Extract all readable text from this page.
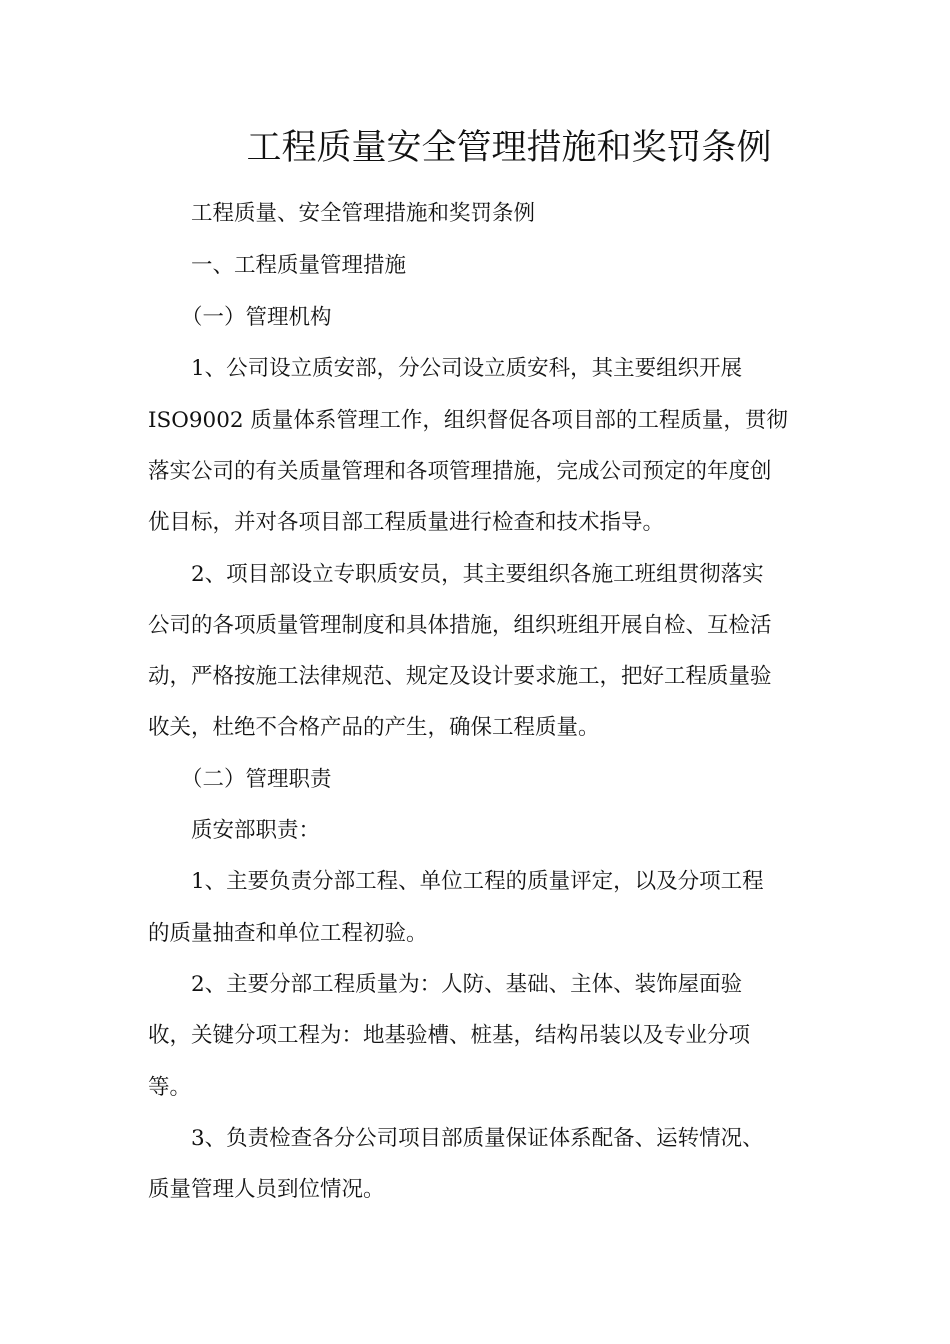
工程质量安全管理措施和奖罚条例
工程质量、安全管理措施和奖罚条例
一、工程质量管理措施
（一）管理机构
1、公司设立质安部，分公司设立质安科，其主要组织开展
ISO9002 质量体系管理工作，组织督促各项目部的工程质量，贯彻
落实公司的有关质量管理和各项管理措施，完成公司预定的年度创
优目标，并对各项目部工程质量进行检查和技术指导。
2、项目部设立专职质安员，其主要组织各施工班组贯彻落实
公司的各项质量管理制度和具体措施，组织班组开展自检、互检活
动，严格按施工法律规范、规定及设计要求施工，把好工程质量验
收关，杜绝不合格产品的产生，确保工程质量。
（二）管理职责
质安部职责：
1、主要负责分部工程、单位工程的质量评定，以及分项工程
的质量抽查和单位工程初验。
2、主要分部工程质量为：人防、基础、主体、装饰屋面验
收，关键分项工程为：地基验槽、桩基，结构吊装以及专业分项
等。
3、负责检查各分公司项目部质量保证体系配备、运转情况、
质量管理人员到位情况。
